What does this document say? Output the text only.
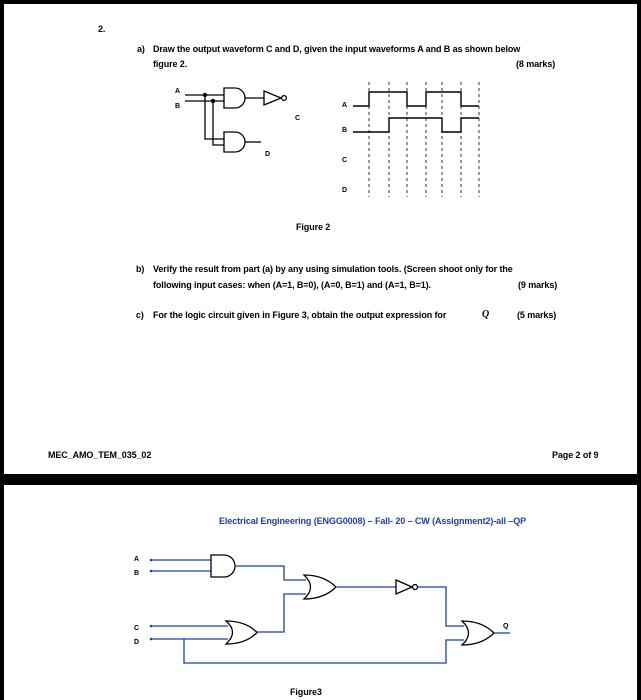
2.
a) Draw the output waveform C and D, given the input waveforms A and B as shown below
figure 2.	(8 marks)
A
B
C
D
A
B
C
D
Figure 2
b) Verify the result from part (a) by any using simulation tools. (Screen shoot only for the
following input cases: when (A=1, B=0), (A=0, B=1) and (A=1, B=1).	(9 marks)
c) For the logic circuit given in Figure 3, obtain the output expression for	Q	(5 marks)
MEC_AMO_TEM_035_02	Page 2 of 9
Electrical Engineering (ENGG0008) – Fall- 20 – CW (Assignment2)-all –QP
A
B
C
D
Q
Figure3
